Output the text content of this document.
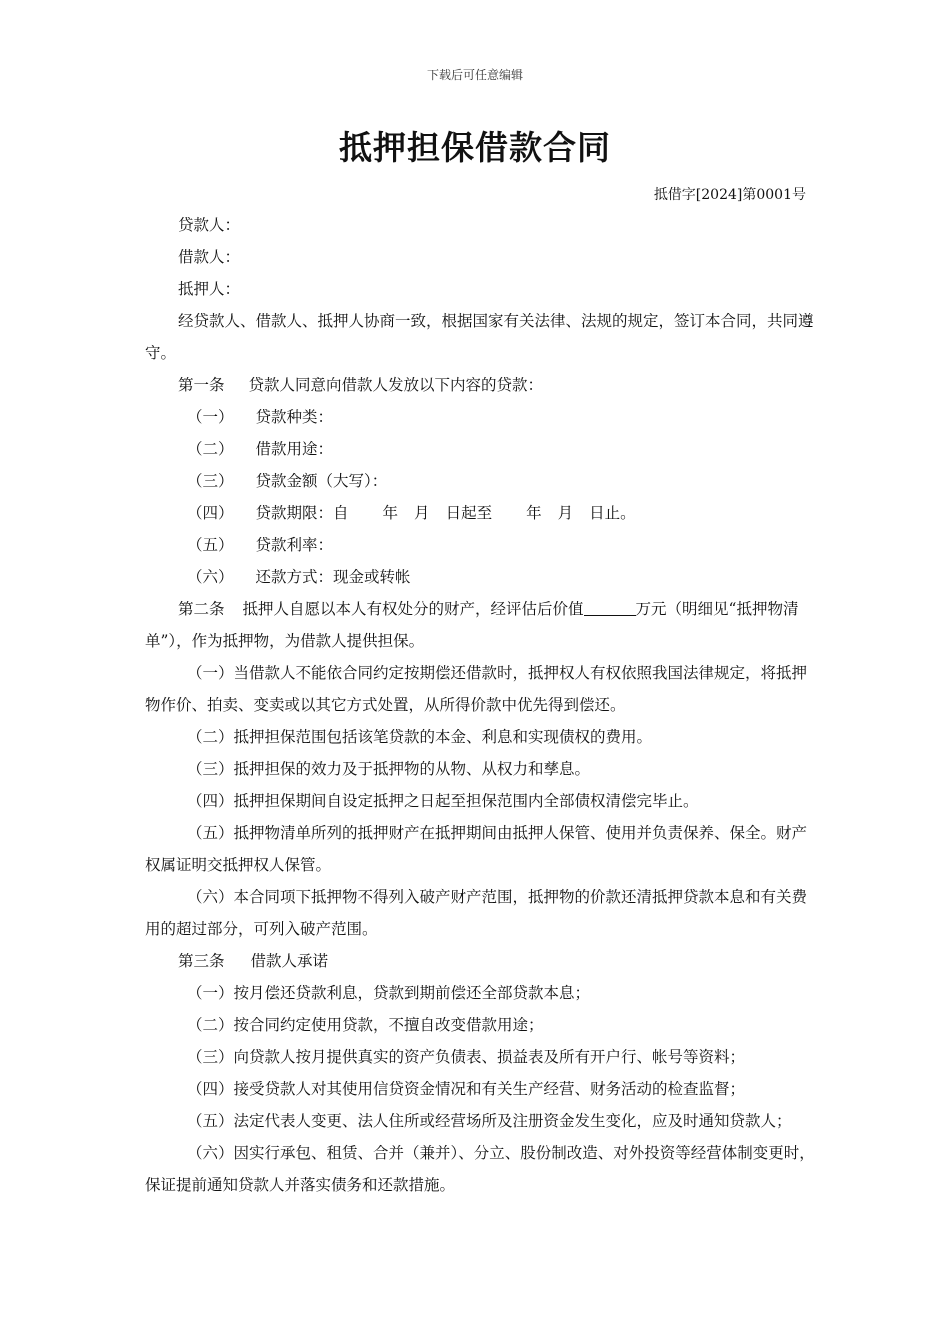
下载后可任意编辑
抵押担保借款合同
抵借字[2024]第0001号
贷款人：
借款人：
抵押人：
经贷款人、借款人、抵押人协商一致，根据国家有关法律、法规的规定，签订本合同，共同遵守。
第一条 贷款人同意向借款人发放以下内容的贷款：
（一） 贷款种类：
（二） 借款用途：
（三） 贷款金额（大写）：
（四） 贷款期限：自 年 月 日起至 年 月 日止。
（五） 贷款利率：
（六） 还款方式：现金或转帐
第二条 抵押人自愿以本人有权处分的财产，经评估后价值	万元（明细见“抵押物清单”），作为抵押物，为借款人提供担保。
（一）当借款人不能依合同约定按期偿还借款时，抵押权人有权依照我国法律规定，将抵押物作价、拍卖、变卖或以其它方式处置，从所得价款中优先得到偿还。
（二）抵押担保范围包括该笔贷款的本金、利息和实现债权的费用。
（三）抵押担保的效力及于抵押物的从物、从权力和孳息。
（四）抵押担保期间自设定抵押之日起至担保范围内全部债权清偿完毕止。
（五）抵押物清单所列的抵押财产在抵押期间由抵押人保管、使用并负责保养、保全。财产权属证明交抵押权人保管。
（六）本合同项下抵押物不得列入破产财产范围，抵押物的价款还清抵押贷款本息和有关费用的超过部分，可列入破产范围。
第三条 借款人承诺
（一）按月偿还贷款利息，贷款到期前偿还全部贷款本息；
（二）按合同约定使用贷款，不擅自改变借款用途；
（三）向贷款人按月提供真实的资产负债表、损益表及所有开户行、帐号等资料；
（四）接受贷款人对其使用信贷资金情况和有关生产经营、财务活动的检查监督；
（五）法定代表人变更、法人住所或经营场所及注册资金发生变化，应及时通知贷款人；
（六）因实行承包、租赁、合并（兼并）、分立、股份制改造、对外投资等经营体制变更时，保证提前通知贷款人并落实债务和还款措施。
